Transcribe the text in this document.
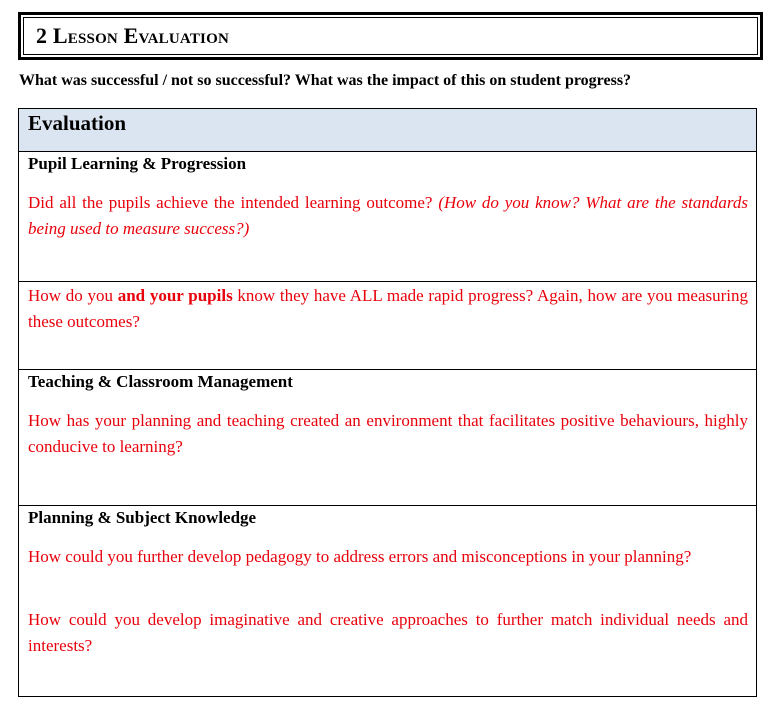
2 Lesson Evaluation
What was successful / not so successful? What was the impact of this on student progress?
Evaluation
Pupil Learning & Progression
Did all the pupils achieve the intended learning outcome? (How do you know? What are the standards being used to measure success?)
How do you and your pupils know they have ALL made rapid progress? Again, how are you measuring these outcomes?
Teaching & Classroom Management
How has your planning and teaching created an environment that facilitates positive behaviours, highly conducive to learning?
Planning & Subject Knowledge
How could you further develop pedagogy to address errors and misconceptions in your planning?
How could you develop imaginative and creative approaches to further match individual needs and interests?
